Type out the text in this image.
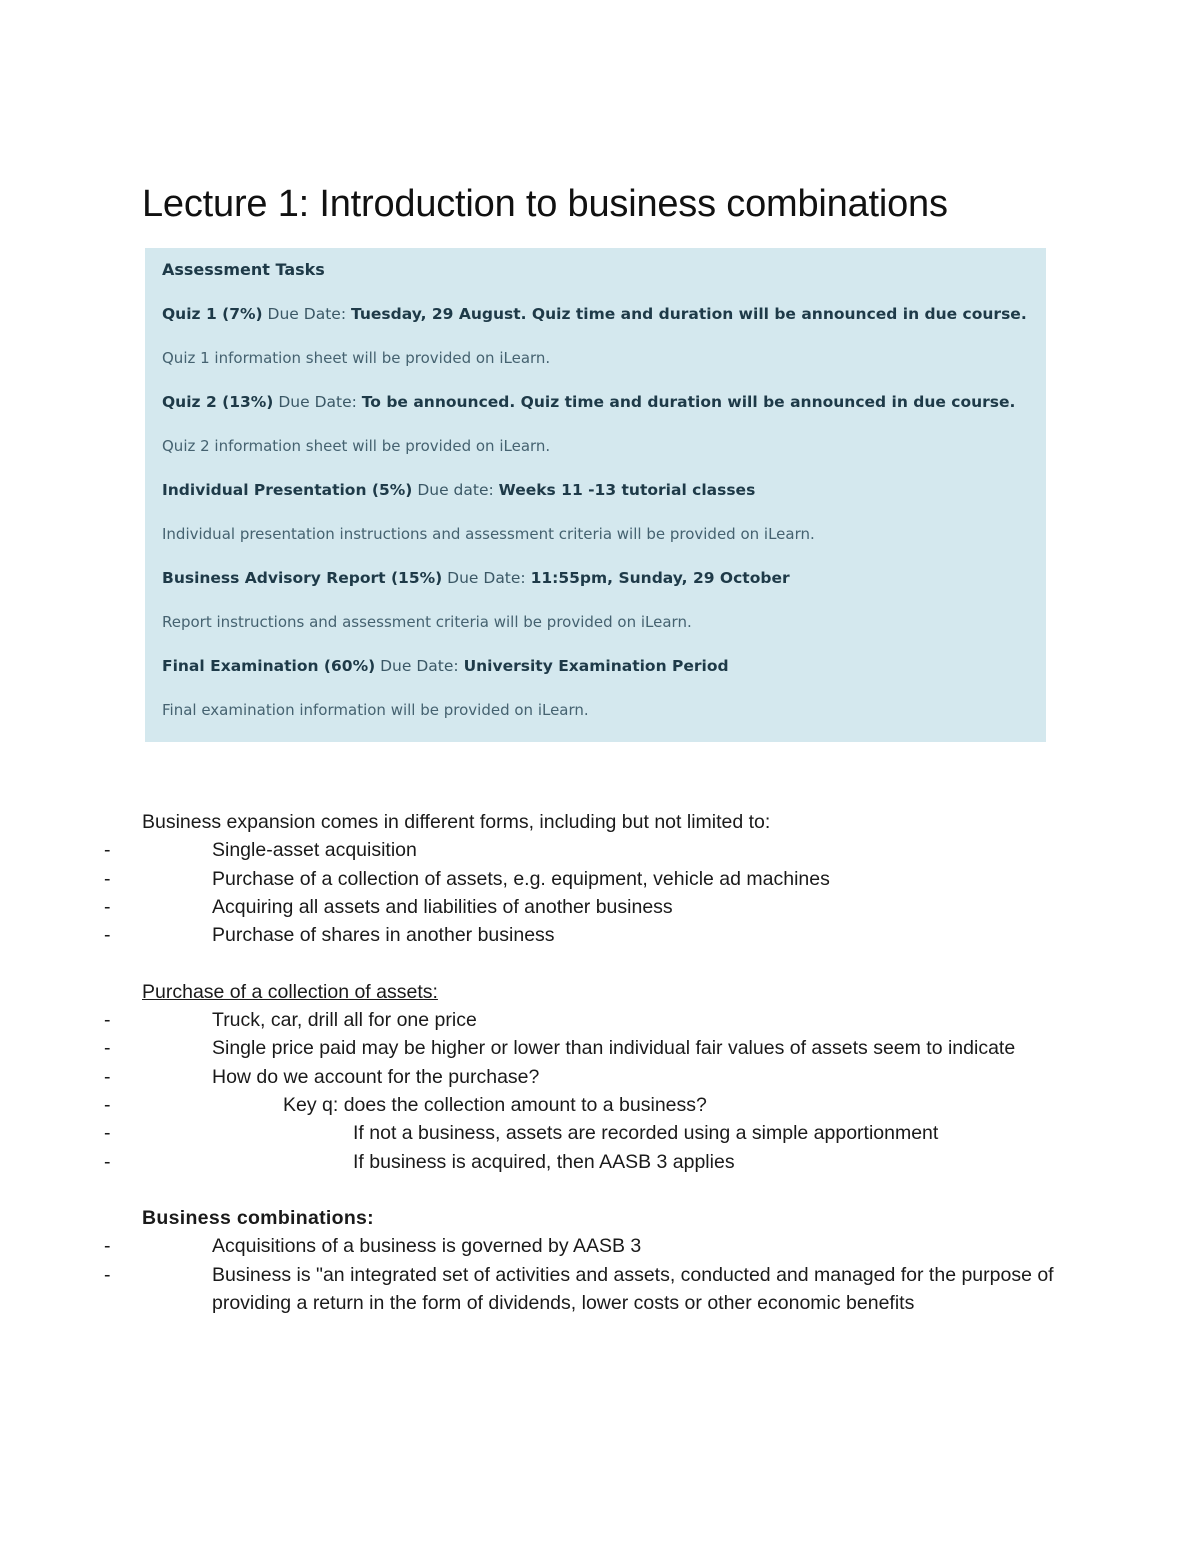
Lecture 1: Introduction to business combinations
Assessment Tasks
Quiz 1 (7%) Due Date: Tuesday, 29 August. Quiz time and duration will be announced in due course.
Quiz 1 information sheet will be provided on iLearn.
Quiz 2 (13%) Due Date: To be announced. Quiz time and duration will be announced in due course.
Quiz 2 information sheet will be provided on iLearn.
Individual Presentation (5%) Due date: Weeks 11 -13 tutorial classes
Individual presentation instructions and assessment criteria will be provided on iLearn.
Business Advisory Report (15%) Due Date: 11:55pm, Sunday, 29 October
Report instructions and assessment criteria will be provided on iLearn.
Final Examination (60%) Due Date: University Examination Period
Final examination information will be provided on iLearn.

Business expansion comes in different forms, including but not limited to:

-	Single-asset acquisition
-	Purchase of a collection of assets, e.g. equipment, vehicle ad machines
-	Acquiring all assets and liabilities of another business
-	Purchase of shares in another business

Purchase of a collection of assets:

-	Truck, car, drill all for one price
-	Single price paid may be higher or lower than individual fair values of assets seem to indicate
-	How do we account for the purchase?
-	Key q: does the collection amount to a business?
-	If not a business, assets are recorded using a simple apportionment
-	If business is acquired, then AASB 3 applies

Business combinations:

-	Acquisitions of a business is governed by AASB 3
-	Business is "an integrated set of activities and assets, conducted and managed for the purpose of providing a return in the form of dividends, lower costs or other economic benefits
